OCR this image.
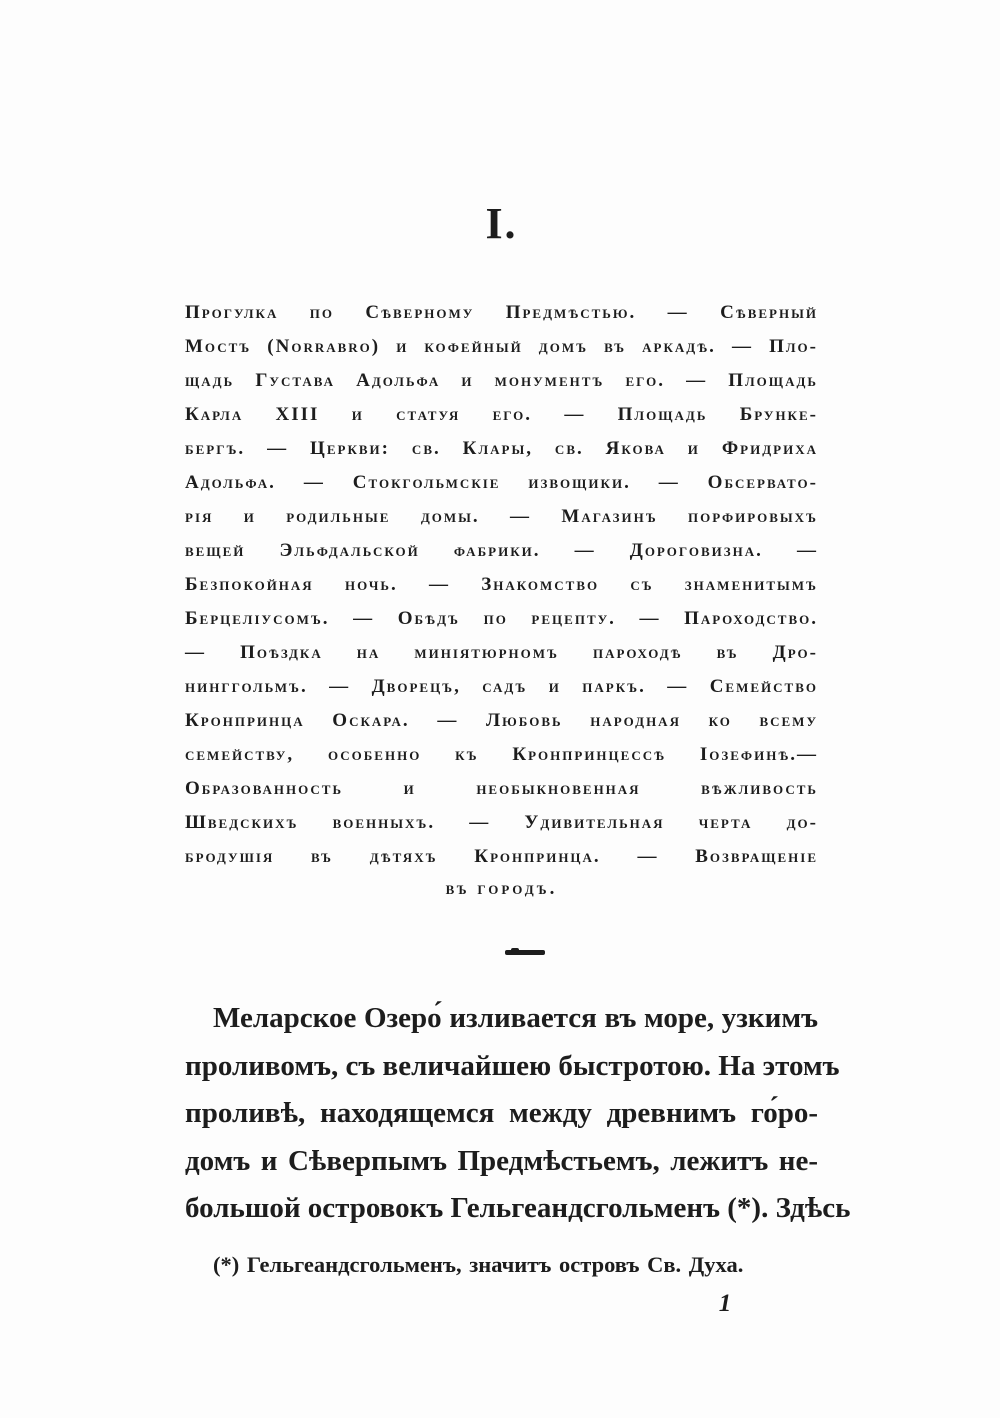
I.
Прогулка по Сѣверному Предмѣстью. — Сѣверный
Мостъ (Norrabro) и кофейный домъ въ аркадѣ. — Пло-
щадь Густава Адольфа и монументъ его. — Площадь
Карла XIII и статуя его. — Площадь Брунке-
бергъ. — Церкви: св. Клары, св. Якова и Фридриха
Адольфа. — Стокгольмскіе извощики. — Обсервато-
рія и родильные домы. — Магазинъ порфировыхъ
вещей Эльфдальской фабрики. — Дороговизна. —
Безпокойная ночь. — Знакомство съ знаменитымъ
Берцеліусомъ. — Обѣдъ по рецепту. — Пароходство.
— Поѣздка на миніятюрномъ пароходѣ въ Дро-
нинггольмъ. — Дворецъ, садъ и паркъ. — Семейство
Кронпринца Оскара. — Любовь народная ко всему
семейству, особенно къ Кронпринцессѣ Іозефинѣ.—
Образованность и необыкновенная вѣжливость
Шведскихъ военныхъ. — Удивительная черта до-
бродушія въ дѣтяхъ Кронпринца. — Возвращеніе
въ городъ.
Меларское Озеро́ изливается въ море, узкимъ
проливомъ, съ величайшею быстротою. На этомъ
проливѣ, находящемся между древнимъ го́ро-
домъ и Сѣверпымъ Предмѣстьемъ, лежитъ не-
большой островокъ Гельгеандсгольменъ (*). Здѣсь
(*) Гельгеандсгольменъ, значитъ островъ Св. Духа.
1
